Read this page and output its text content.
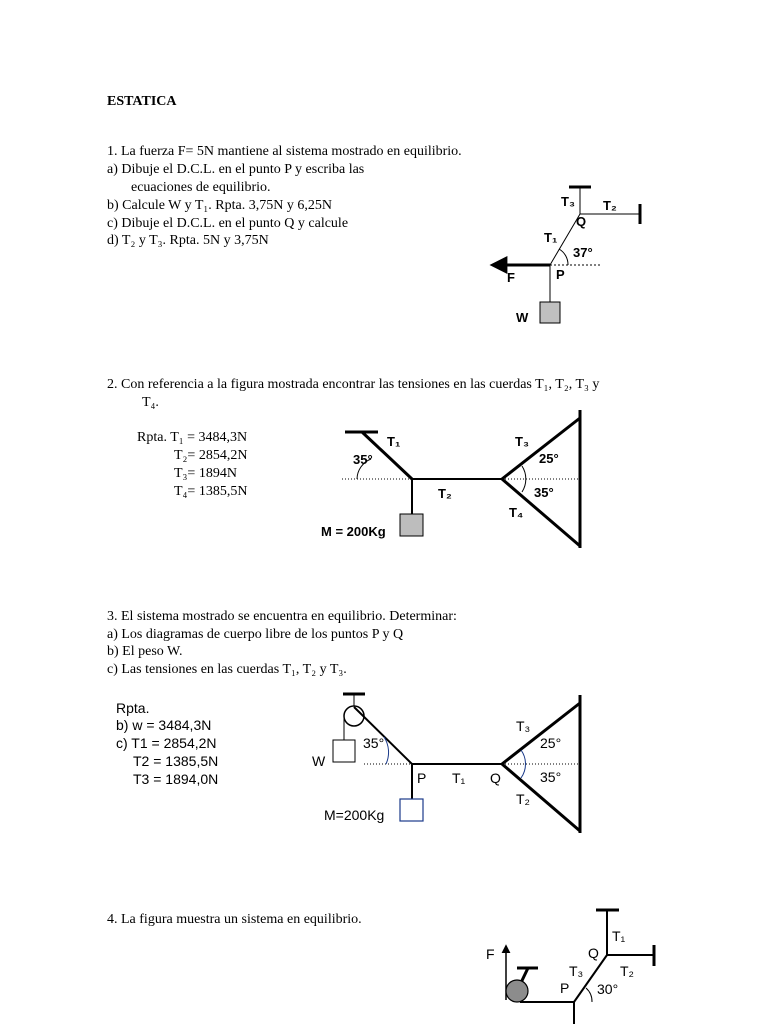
ESTATICA
1. La fuerza F= 5N mantiene al sistema mostrado en equilibrio.
a) Dibuje el D.C.L. en el punto P y escriba las
ecuaciones de equilibrio.
b) Calcule W y T₁. Rpta. 3,75N y 6,25N
c) Dibuje el D.C.L. en el punto Q y calcule
d) T₂ y T₃. Rpta. 5N y 3,75N
2. Con referencia a la figura mostrada encontrar las tensiones en las cuerdas T₁, T₂, T₃ y
T₄.
Rpta. T₁ = 3484,3N
T₂= 2854,2N
T₃= 1894N
T₄= 1385,5N
3. El sistema mostrado se encuentra en equilibrio. Determinar:
a) Los diagramas de cuerpo libre de los puntos P y Q
b) El peso W.
c) Las tensiones en las cuerdas T₁, T₂ y T₃.
Rpta.
b) w = 3484,3N
c) T1 = 2854,2N
T2 = 1385,5N
T3 = 1894,0N
4. La figura muestra un sistema en equilibrio.
T₃ T₂
Q
T₁
37°
F	P
W
T₁
35°
T₃
25°
T₂	35°
T₄
M = 200Kg
W
35°
P T₁ Q
T₃
25°
35°
T₂
M=200Kg
F
T₁
Q
T₃	T₂
P 30°
